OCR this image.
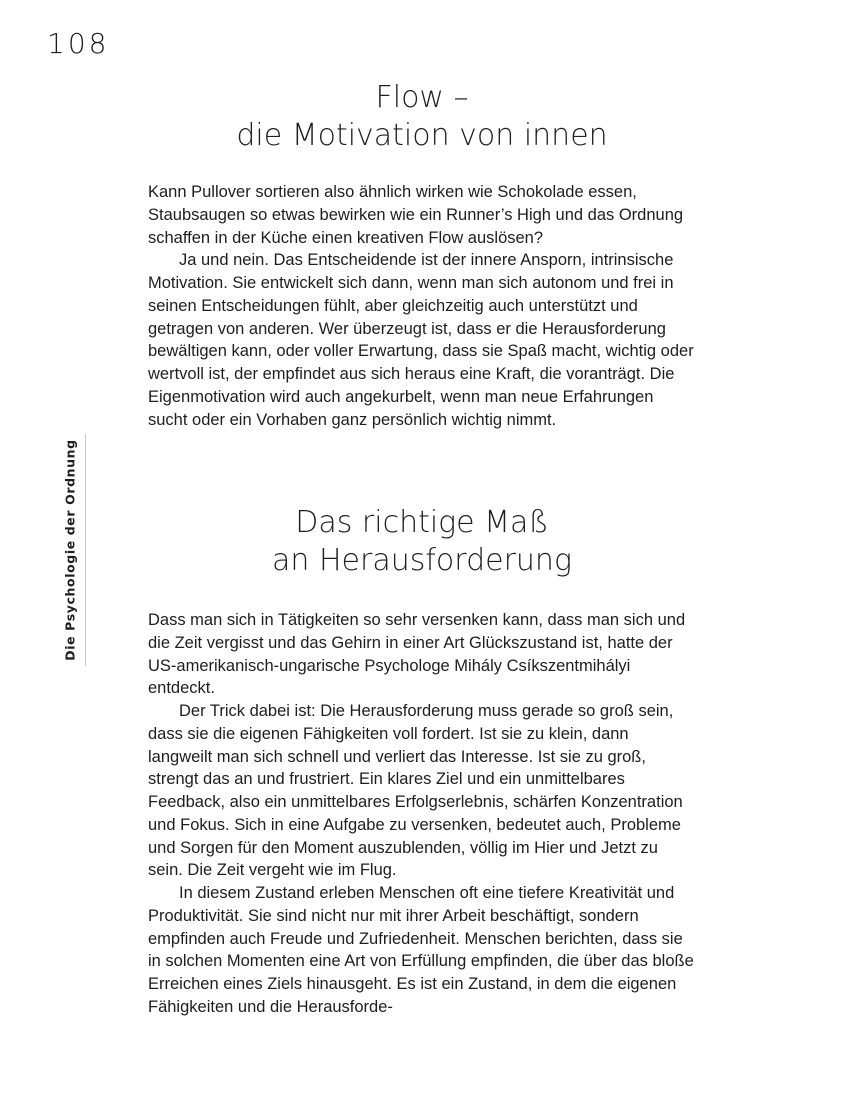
108
Die Psychologie der Ordnung
Flow –
die Motivation von innen

Kann Pullover sortieren also ähnlich wirken wie Schokolade essen, Staubsaugen so etwas bewirken wie ein Runner’s High und das Ordnung schaffen in der Küche einen kreativen Flow auslösen?

Ja und nein. Das Entscheidende ist der innere Ansporn, intrinsische Motivation. Sie entwickelt sich dann, wenn man sich autonom und frei in seinen Entscheidungen fühlt, aber gleichzeitig auch unterstützt und getragen von anderen. Wer überzeugt ist, dass er die Herausforderung bewältigen kann, oder voller Erwartung, dass sie Spaß macht, wichtig oder wertvoll ist, der empfindet aus sich heraus eine Kraft, die voranträgt. Die Eigenmotivation wird auch angekurbelt, wenn man neue Erfahrungen sucht oder ein Vorhaben ganz persönlich wichtig nimmt.

Das richtige Maß
an Herausforderung

Dass man sich in Tätigkeiten so sehr versenken kann, dass man sich und die Zeit vergisst und das Gehirn in einer Art Glückszustand ist, hatte der US-amerikanisch-ungarische Psychologe Mihály Csíkszentmihályi entdeckt.

Der Trick dabei ist: Die Herausforderung muss gerade so groß sein, dass sie die eigenen Fähigkeiten voll fordert. Ist sie zu klein, dann langweilt man sich schnell und verliert das Interesse. Ist sie zu groß, strengt das an und frustriert. Ein klares Ziel und ein unmittelbares Feedback, also ein unmittelbares Erfolgserlebnis, schärfen Konzentration und Fokus. Sich in eine Aufgabe zu versenken, bedeutet auch, Probleme und Sorgen für den Moment auszublenden, völlig im Hier und Jetzt zu sein. Die Zeit vergeht wie im Flug.

In diesem Zustand erleben Menschen oft eine tiefere Kreativität und Produktivität. Sie sind nicht nur mit ihrer Arbeit beschäftigt, sondern empfinden auch Freude und Zufriedenheit. Menschen berichten, dass sie in solchen Momenten eine Art von Erfüllung empfinden, die über das bloße Erreichen eines Ziels hinausgeht. Es ist ein Zustand, in dem die eigenen Fähigkeiten und die Herausforde-
